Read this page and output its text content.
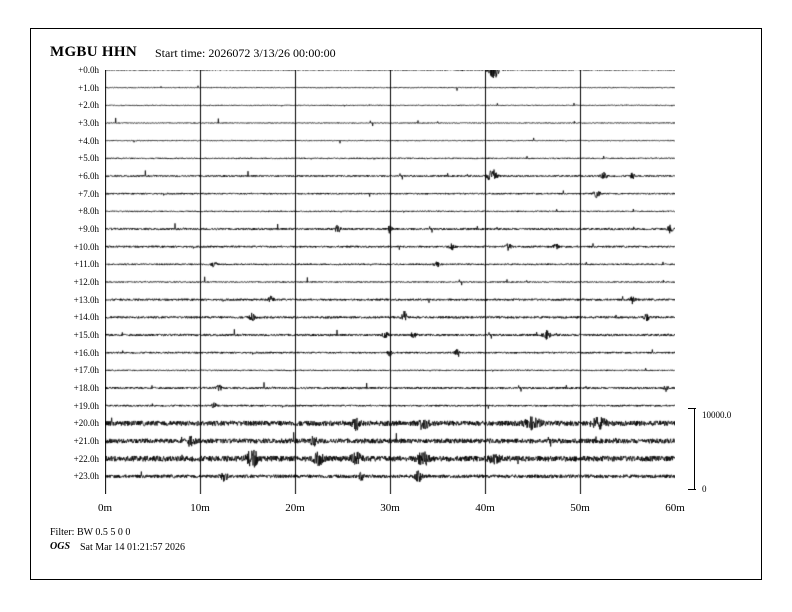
MGBU HHN Start time: 2026072 3/13/26 00:00:00
+0.0h
+1.0h
+2.0h
+3.0h
+4.0h
+5.0h
+6.0h
+7.0h
+8.0h
+9.0h
+10.0h
+11.0h
+12.0h
+13.0h
+14.0h
+15.0h
+16.0h
+17.0h
+18.0h
+19.0h
+20.0h
+21.0h
+22.0h
+23.0h
0m	10m	20m	30m	40m	50m	60m
10000.0
0
Filter: BW 0.5 5 0 0
OGS Sat Mar 14 01:21:57 2026
